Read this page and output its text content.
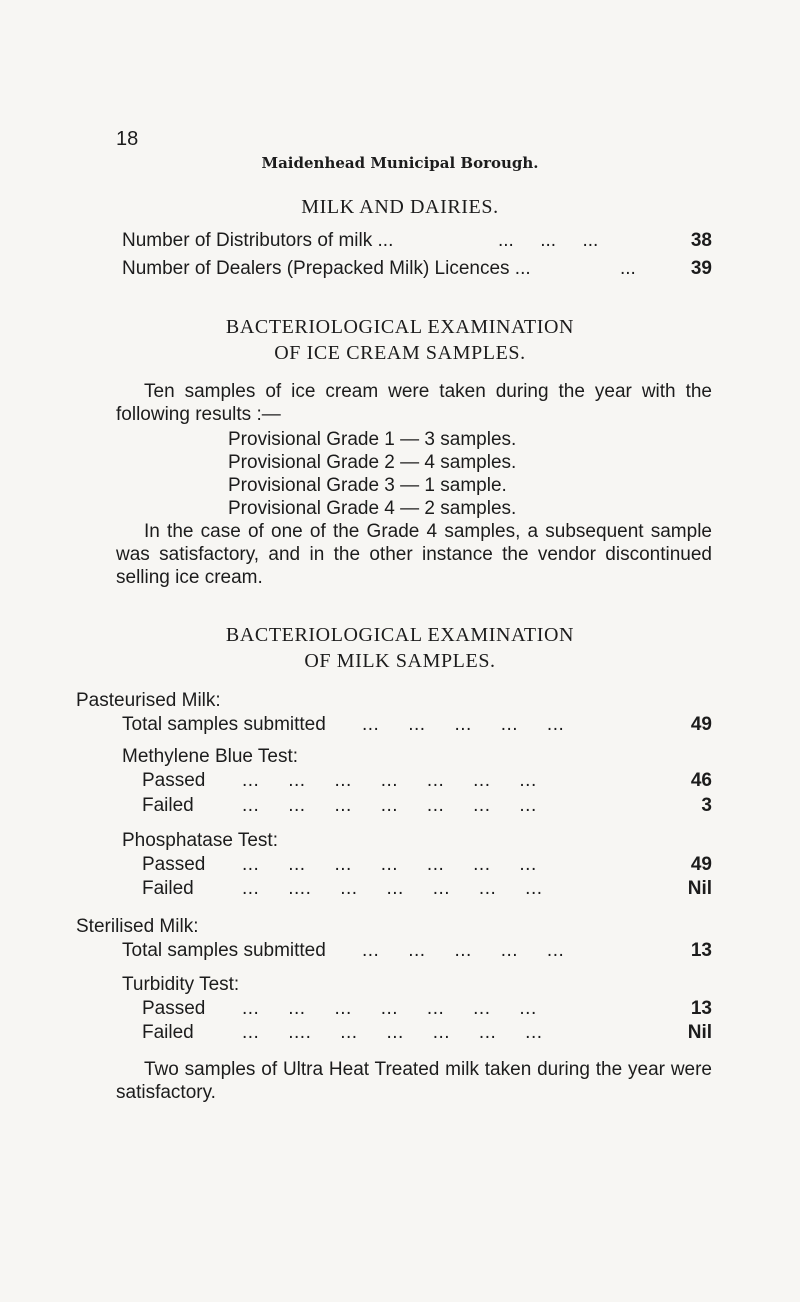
18
Maidenhead Municipal Borough.
MILK AND DAIRIES.
Number of Distributors of milk ...	...     ...     ...	38
Number of Dealers (Prepacked Milk) Licences ...	...	39
BACTERIOLOGICAL EXAMINATION
OF ICE CREAM SAMPLES.

Ten samples of ice cream were taken during the year with the following results :—

Provisional Grade 1 — 3 samples.
Provisional Grade 2 — 4 samples.
Provisional Grade 3 — 1 sample.
Provisional Grade 4 — 2 samples.

In the case of one of the Grade 4 samples, a subsequent sample was satisfactory, and in the other instance the vendor discontinued selling ice cream.

BACTERIOLOGICAL EXAMINATION
OF MILK SAMPLES.
Pasteurised Milk:
Total samples submitted ...     ...     ...     ...     ...	49
Methylene Blue Test:
Passed ...     ...     ...     ...     ...     ...     ...	46
Failed	...     ...     ...     ...     ...     ...     ...	3
Phosphatase Test:
Passed ...     ...     ...     ...     ...     ...     ...	49
Failed	...     ....     ...     ...     ...     ...     ...	Nil
Sterilised Milk:
Total samples submitted ...     ...     ...     ...     ...	13
Turbidity Test:
Passed ...     ...     ...     ...     ...     ...     ...	13
Failed	...     ....     ...     ...     ...     ...     ...	Nil

Two samples of Ultra Heat Treated milk taken during the year were satisfactory.
